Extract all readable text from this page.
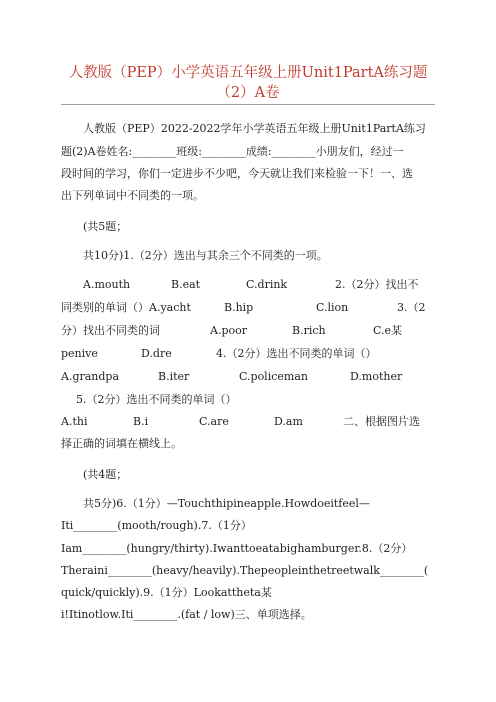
人教版（PEP）小学英语五年级上册Unit1PartA练习题
（2）A卷
人教版（PEP）2022-2022学年小学英语五年级上册Unit1PartA练习
题(2)A卷姓名:________班级:________成绩:________小朋友们，经过一
段时间的学习，你们一定进步不少吧，今天就让我们来检验一下！一、选
出下列单词中不同类的一项。
(共5题；
共10分)1.（2分）选出与其余三个不同类的一项。
A.mouth	B.eat	C.drink	2.（2分）找出不
同类别的单词（）A.yacht	B.hip	C.lion	3.（2
分）找出不同类的词	A.poor	B.rich	C.e某
penive	D.dre	4.（2分）选出不同类的单词（）
A.grandpa	B.iter	C.policeman	D.mother
5.（2分）选出不同类的单词（）
A.thi	B.i	C.are	D.am	二、根据图片选
择正确的词填在横线上。
(共4题；
共5分)6.（1分）—Touchthipineapple.Howdoeitfeel—
Iti________(mooth/rough).7.（1分）
Iam________(hungry/thirty).Iwanttoeatabighamburger.8.（2分）
Theraini________(heavy/heavily).Thepeopleinthetreetwalk________(
quick/quickly).9.（1分）Lookattheta某
i!Itinotlow.Iti________.(fat / low)三、单项选择。
